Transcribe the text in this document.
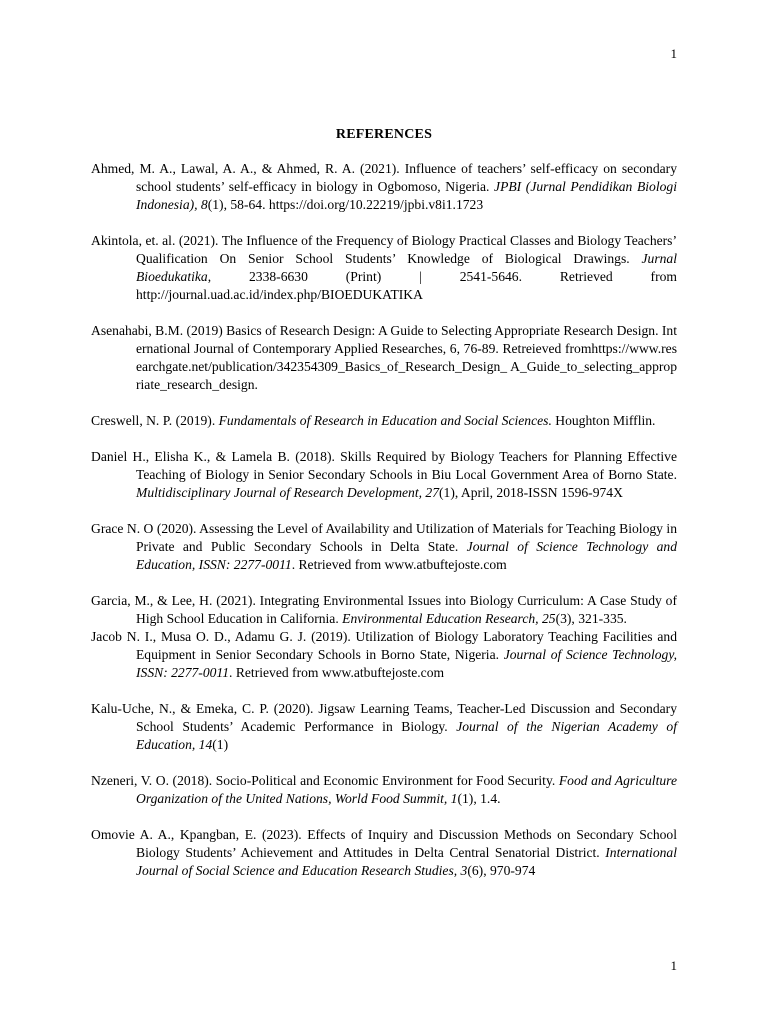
1
REFERENCES

Ahmed, M. A., Lawal, A. A., & Ahmed, R. A. (2021). Influence of teachers’ self-efficacy on secondary school students’ self-efficacy in biology in Ogbomoso, Nigeria. JPBI (Jurnal Pendidikan Biologi Indonesia), 8(1), 58-64. https://doi.org/10.22219/jpbi.v8i1.1723

Akintola, et. al. (2021). The Influence of the Frequency of Biology Practical Classes and Biology Teachers’ Qualification On Senior School Students’ Knowledge of Biological Drawings. Jurnal Bioedukatika, 2338-6630 (Print) | 2541-5646. Retrieved from http://journal.uad.ac.id/index.php/BIOEDUKATIKA

Asenahabi, B.M. (2019) Basics of Research Design: A Guide to Selecting Appropriate Research Design. International Journal of Contemporary Applied Researches, 6, 76-89. Retreieved fromhttps://www.researchgate.net/publication/342354309_Basics_of_Research_Design_ A_Guide_to_selecting_appropriate_research_design.

Creswell, N. P. (2019). Fundamentals of Research in Education and Social Sciences. Houghton Mifflin.

Daniel H., Elisha K., & Lamela B. (2018). Skills Required by Biology Teachers for Planning Effective Teaching of Biology in Senior Secondary Schools in Biu Local Government Area of Borno State. Multidisciplinary Journal of Research Development, 27(1), April, 2018-ISSN 1596-974X

Grace N. O (2020). Assessing the Level of Availability and Utilization of Materials for Teaching Biology in Private and Public Secondary Schools in Delta State. Journal of Science Technology and Education, ISSN: 2277-0011. Retrieved from www.atbuftejoste.com

Garcia, M., & Lee, H. (2021). Integrating Environmental Issues into Biology Curriculum: A Case Study of High School Education in California. Environmental Education Research, 25(3), 321-335.

Jacob N. I., Musa O. D., Adamu G. J. (2019). Utilization of Biology Laboratory Teaching Facilities and Equipment in Senior Secondary Schools in Borno State, Nigeria. Journal of Science Technology, ISSN: 2277-0011. Retrieved from www.atbuftejoste.com

Kalu-Uche, N., & Emeka, C. P. (2020). Jigsaw Learning Teams, Teacher-Led Discussion and Secondary School Students’ Academic Performance in Biology. Journal of the Nigerian Academy of Education, 14(1)

Nzeneri, V. O. (2018). Socio-Political and Economic Environment for Food Security. Food and Agriculture Organization of the United Nations, World Food Summit, 1(1), 1.4.

Omovie A. A., Kpangban, E. (2023). Effects of Inquiry and Discussion Methods on Secondary School Biology Students’ Achievement and Attitudes in Delta Central Senatorial District. International Journal of Social Science and Education Research Studies, 3(6), 970-974

1
